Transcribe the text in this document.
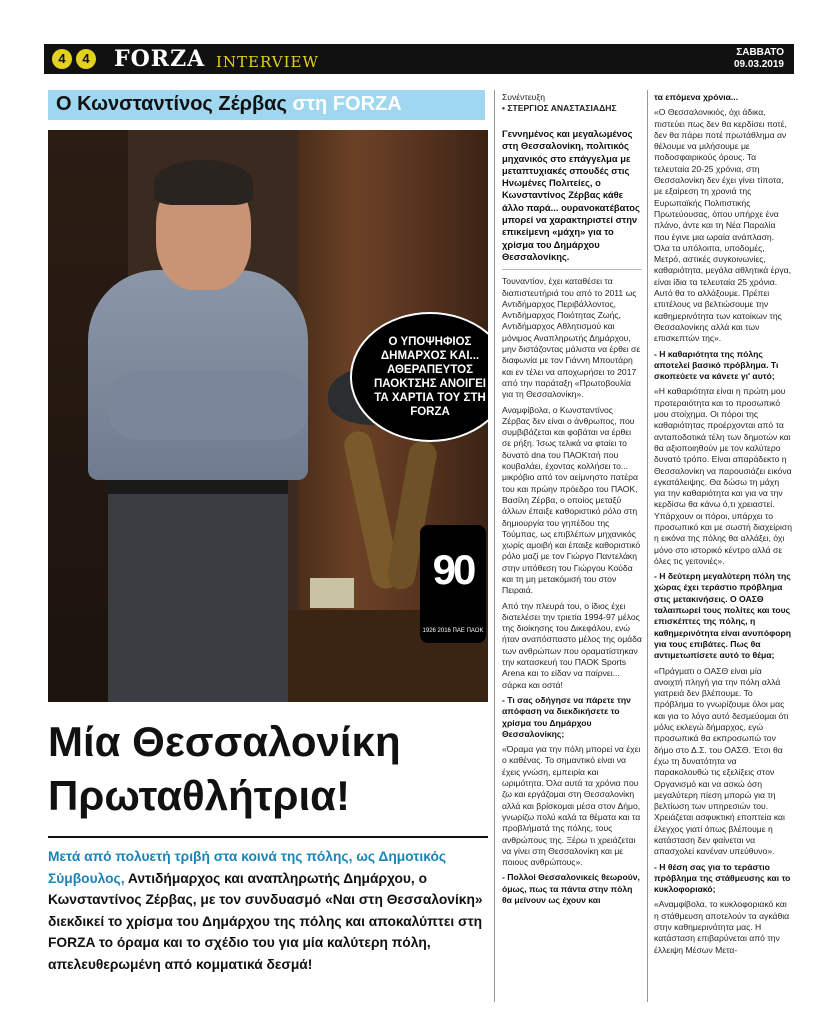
4	4 FORZA INTERVIEW
ΣΑΒΒΑΤΟ
09.03.2019
Ο Κωνσταντίνος Ζέρβας στη FORZA
90
1926 2016 ΠΑΕ ΠΑΟΚ
Ο ΥΠΟΨΗΦΙΟΣ ΔΗΜΑΡΧΟΣ ΚΑΙ... ΑΘΕΡΑΠΕΥΤΟΣ ΠΑΟΚΤΣΗΣ ΑΝΟΙΓΕΙ ΤΑ ΧΑΡΤΙΑ ΤΟΥ ΣΤΗ FORZA
Μία Θεσσαλονίκη
Πρωταθλήτρια!
Μετά από πολυετή τριβή στα κοινά της πόλης, ως Δημοτικός Σύμβουλος, Αντιδήμαρχος και αναπληρωτής Δημάρχου, ο Κωνσταντίνος Ζέρβας, με τον συνδυασμό «Ναι στη Θεσσαλονίκη» διεκδικεί το χρίσμα του Δημάρχου της πόλης και αποκαλύπτει στη FORZA το όραμα και το σχέδιο του για μία καλύτερη πόλη, απελευθερωμένη από κομματικά δεσμά!
Συνέντευξη
• ΣΤΕΡΓΙΟΣ ΑΝΑΣΤΑΣΙΑΔΗΣ

Γεννημένος και μεγαλωμένος στη Θεσσαλονίκη, πολιτικός μηχανικός στο επάγγελμα με μεταπτυχιακές σπουδές στις Ηνωμένες Πολιτείες, ο Κωνσταντίνος Ζέρβας κάθε άλλο παρά... ουρανοκατέβατος μπορεί να χαρακτηριστεί στην επικείμενη «μάχη» για το χρίσμα του Δημάρχου Θεσσαλονίκης.

Τουναντίον, έχει καταθέσει τα διαπιστευτήριά του από το 2011 ως Αντιδήμαρχος Περιβάλλοντος, Αντιδήμαρχος Ποιότητας Ζωής, Αντιδήμαρχος Αθλητισμού και μόνιμος Αναπληρωτής Δημάρχου, μην διστάζοντας μάλιστα να έρθει σε διαφωνία με τον Γιάννη Μπουτάρη και εν τέλει να αποχωρήσει το 2017 από την παράταξη «Πρωτοβουλία για τη Θεσσαλονίκη».

Αναμφίβολα, ο Κωνσταντίνος Ζέρβας δεν είναι ο άνθρωπος, που συμβιβάζεται και φοβάται να έρθει σε ρήξη. Ίσως τελικά να φταίει το δυνατό dna του ΠΑΟΚτσή που κουβαλάει, έχοντας κολλήσει το... μικρόβιο από τον αείμνηστο πατέρα του και πρώην πρόεδρο του ΠΑΟΚ, Βασίλη Ζέρβα, ο οποίος μεταξύ άλλων έπαιξε καθοριστικό ρόλο στη δημιουργία του γηπέδου της Τούμπας, ως επιβλέπων μηχανικός χωρίς αμοιβή και έπαιξε καθοριστικό ρόλο μαζί με τον Γιώργο Παντελάκη στην υπόθεση του Γιώργου Κούδα και τη μη μετακόμισή του στον Πειραιά.

Από την πλευρά του, ο ίδιος έχει διατελέσει την τριετία 1994-97 μέλος της διοίκησης του Δικεφάλου, ενώ ήταν αναπόσπαστο μέλος της ομάδα των ανθρώπων που οραματίστηκαν την κατασκευή του ΠΑΟΚ Sports Arena και το είδαν να παίρνει... σάρκα και οστά!

- Τι σας οδήγησε να πάρετε την απόφαση να διεκδικήσετε το χρίσμα του Δημάρχου Θεσσαλονίκης;

«Όραμα για την πόλη μπορεί να έχει ο καθένας. Το σημαντικό είναι να έχεις γνώση, εμπειρία και ωριμότητα. Όλα αυτά τα χρόνια που ζω και εργάζομαι στη Θεσσαλονίκη αλλά και βρίσκομαι μέσα στον Δήμο, γνωρίζω πολύ καλά τα θέματα και τα προβλήματά της πόλης, τους ανθρώπους της. Ξέρω τι χρειάζεται να γίνει στη Θεσσαλονίκη και με ποιους ανθρώπους».

- Πολλοί Θεσσαλονικείς θεωρούν, όμως, πως τα πάντα στην πόλη θα μείνουν ως έχουν και

τα επόμενα χρόνια...

«Ο Θεσσαλονικιός, όχι άδικα, πιστεύει πως δεν θα κερδίσει ποτέ, δεν θα πάρει ποτέ πρωτάθλημα αν θέλουμε να μιλήσουμε με ποδοσφαιρικούς όρους. Τα τελευταία 20-25 χρόνια, στη Θεσσαλονίκη δεν έχει γίνει τίποτα, με εξαίρεση τη χρονιά της Ευρωπαϊκής Πολιτιστικής Πρωτεύουσας, όπου υπήρχε ένα πλάνο, άντε και τη Νέα Παραλία που έγινε μια ωραία ανάπλαση. Όλα τα υπόλοιπα, υποδομές, Μετρό, αστικές συγκοινωνίες, καθαριότητα, μεγάλα αθλητικά έργα, είναι ίδια τα τελευταία 25 χρόνια. Αυτό θα το αλλάξουμε. Πρέπει επιτέλους να βελτιώσουμε την καθημερινότητα των κατοίκων της Θεσσαλονίκης αλλά και των επισκεπτών της».

- Η καθαριότητα της πόλης αποτελεί βασικό πρόβλημα. Τι σκοπεύετε να κάνετε γι' αυτό;

«Η καθαριότητα είναι η πρώτη μου προτεραιότητα και το προσωπικό μου στοίχημα. Οι πόροι της καθαριότητας προέρχονται από τα ανταποδοτικά τέλη των δημοτών και θα αξιοποιηθούν με τον καλύτερο δυνατό τρόπο. Είναι απαράδεκτο η Θεσσαλονίκη να παρουσιάζει εικόνα εγκατάλειψης. Θα δώσω τη μάχη για την καθαριότητα και για να την κερδίσω θα κάνω ό,τι χρειαστεί. Υπάρχουν οι πόροι, υπάρχει το προσωπικό και με σωστή διαχείριση η εικόνα της πόλης θα αλλάξει, όχι μόνο στο ιστορικό κέντρο αλλά σε όλες τις γειτονιές».

- Η δεύτερη μεγαλύτερη πόλη της χώρας έχει τεράστιο πρόβλημα στις μετακινήσεις. Ο ΟΑΣΘ ταλαιπωρεί τους πολίτες και τους επισκέπτες της πόλης, η καθημερινότητα είναι ανυπόφορη για τους επιβάτες. Πως θα αντιμετωπίσετε αυτό το θέμα;

«Πράγματι ο ΟΑΣΘ είναι μία ανοιχτή πληγή για την πόλη αλλά γιατρειά δεν βλέπουμε. Το πρόβλημα το γνωρίζουμε όλοι μας και για το λόγο αυτό δεσμεύομαι ότι μόλις εκλεγώ δήμαρχος, εγώ προσωπικά θα εκπροσωπώ τον δήμο στο Δ.Σ. του ΟΑΣΘ. Έτσι θα έχω τη δυνατότητα να παρακολουθώ τις εξελίξεις στον Οργανισμό και να ασκώ όση μεγαλύτερη πίεση μπορώ για τη βελτίωση των υπηρεσιών του. Χρειάζεται ασφυκτική εποπτεία και έλεγχος γιατί όπως βλέπουμε η κατάσταση δεν φαίνεται να απασχολεί κανέναν υπεύθυνο».

- Η θέση σας για το τεράστιο πρόβλημα της στάθμευσης και το κυκλοφοριακό;

«Αναμφίβολα, το κυκλοφοριακό και η στάθμευση αποτελούν τα αγκάθια στην καθημερινότητα μας. Η κατάσταση επιβαρύνεται από την έλλειψη Μέσων Μετα-
